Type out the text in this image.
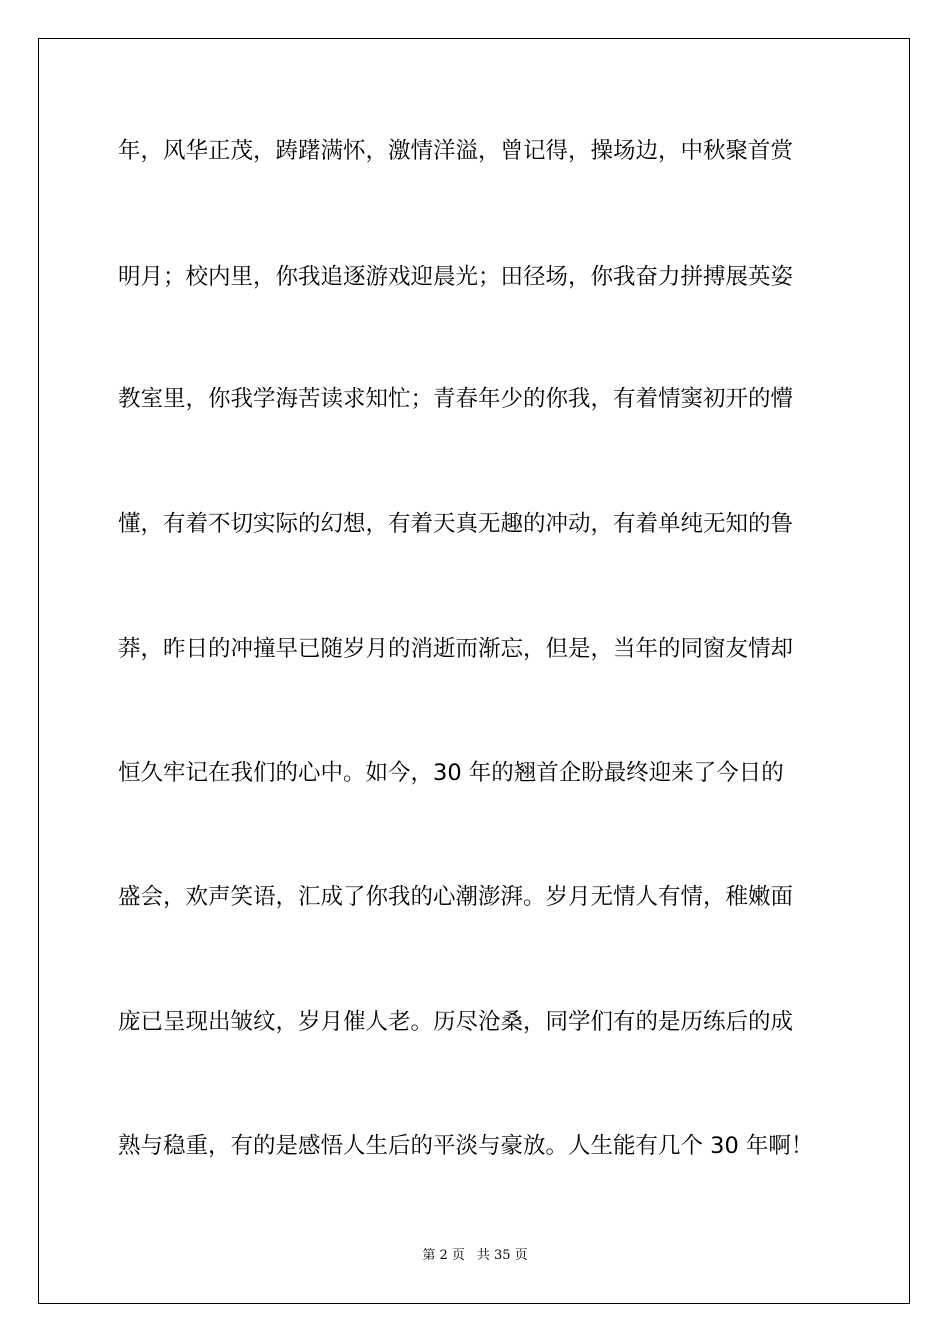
年，风华正茂，踌躇满怀，激情洋溢，曾记得，操场边，中秋聚首赏
明月；校内里，你我追逐游戏迎晨光；田径场，你我奋力拼搏展英姿
教室里，你我学海苦读求知忙；青春年少的你我，有着情窦初开的懵
懂，有着不切实际的幻想，有着天真无趣的冲动，有着单纯无知的鲁
莽，昨日的冲撞早已随岁月的消逝而渐忘，但是，当年的同窗友情却
恒久牢记在我们的心中。如今，30 年的翘首企盼最终迎来了今日的
盛会，欢声笑语，汇成了你我的心潮澎湃。岁月无情人有情，稚嫩面
庞已呈现出皱纹，岁月催人老。历尽沧桑，同学们有的是历练后的成
熟与稳重，有的是感悟人生后的平淡与豪放。人生能有几个 30 年啊！
第 2 页 共 35 页
